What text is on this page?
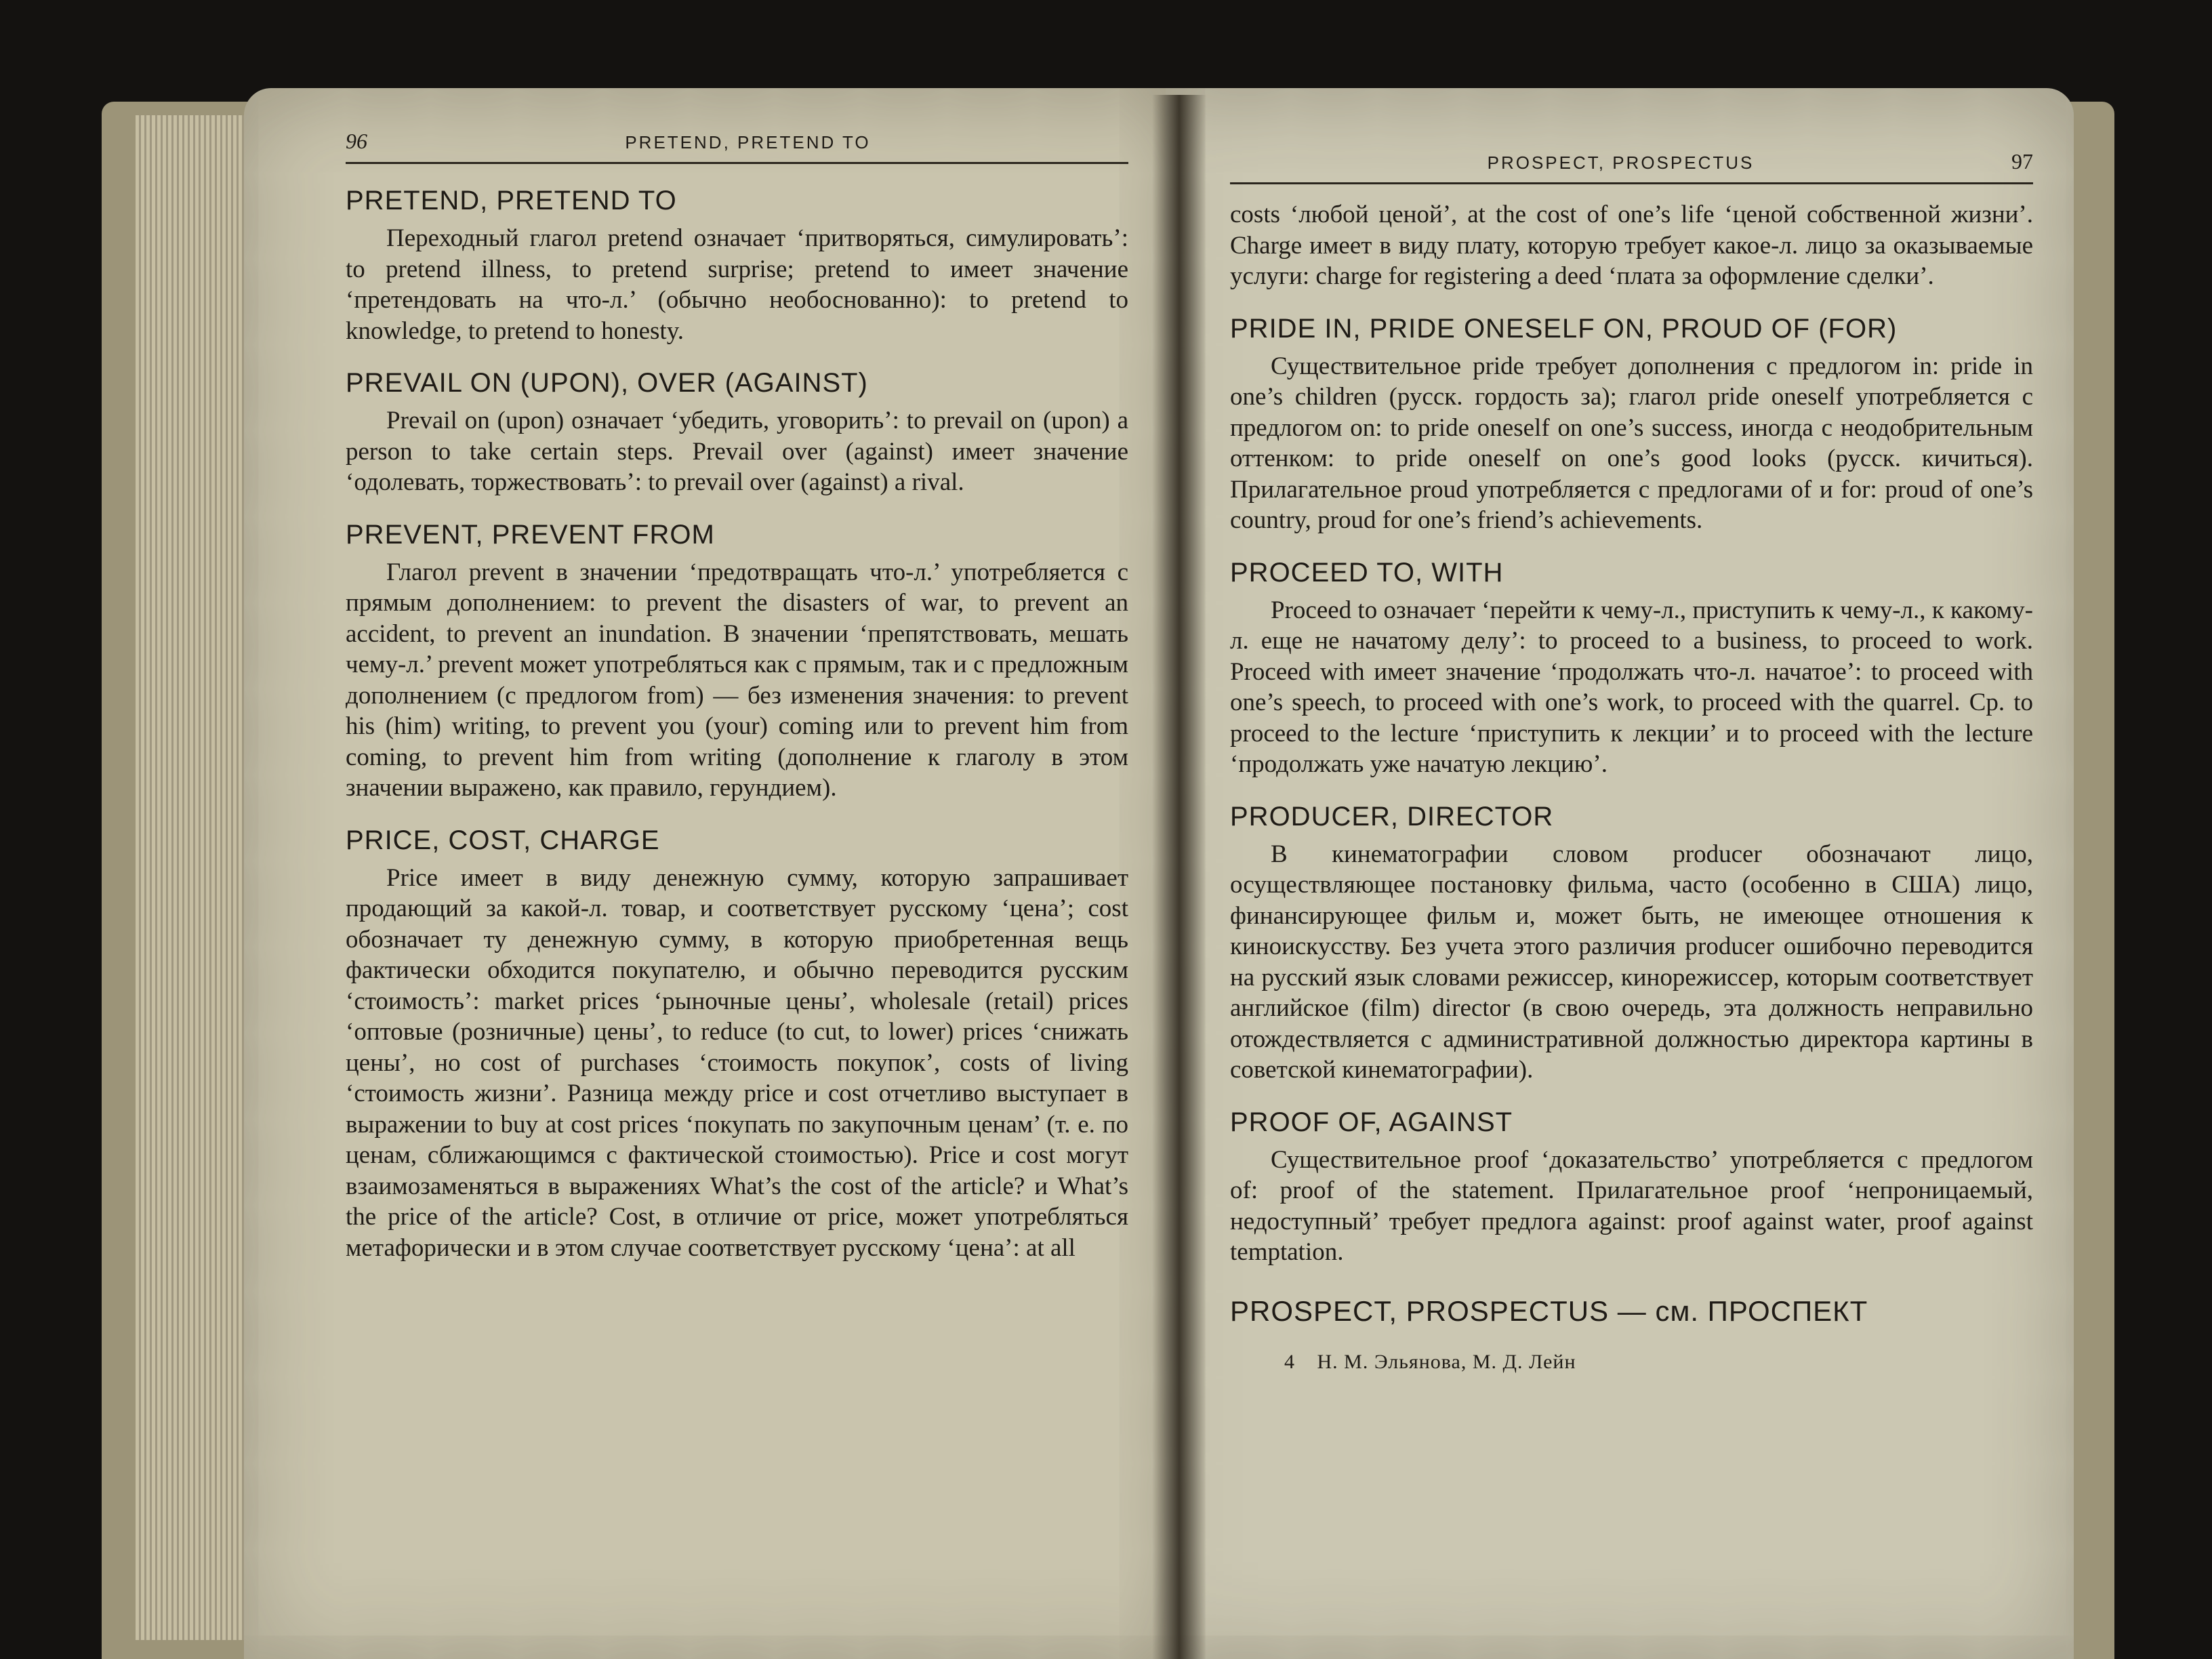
96	PRETEND, PRETEND TO
PRETEND, PRETEND TO

Переходный глагол pretend означает ‘притворяться, симулировать’: to pretend illness, to pretend surprise; pretend to имеет значение ‘претендовать на что-л.’ (обычно необоснованно): to pretend to knowledge, to pretend to honesty.

PREVAIL ON (UPON), OVER (AGAINST)

Prevail on (upon) означает ‘убедить, уговорить’: to prevail on (upon) a person to take certain steps. Prevail over (against) имеет значение ‘одолевать, торжествовать’: to prevail over (against) a rival.

PREVENT, PREVENT FROM

Глагол prevent в значении ‘предотвращать что-л.’ употребляется с прямым дополнением: to prevent the disasters of war, to prevent an accident, to prevent an inundation. В значении ‘препятствовать, мешать чему-л.’ prevent может употребляться как с прямым, так и с предложным дополнением (с предлогом from) — без изменения значения: to prevent his (him) writing, to prevent you (your) coming или to prevent him from coming, to prevent him from writing (дополнение к глаголу в этом значении выражено, как правило, герундием).

PRICE, COST, CHARGE

Price имеет в виду денежную сумму, которую запрашивает продающий за какой-л. товар, и соответствует русскому ‘цена’; cost обозначает ту денежную сумму, в которую приобретенная вещь фактически обходится покупателю, и обычно переводится русским ‘стоимость’: market prices ‘рыночные цены’, wholesale (retail) prices ‘оптовые (розничные) цены’, to reduce (to cut, to lower) prices ‘снижать цены’, но cost of purchases ‘стоимость покупок’, costs of living ‘стоимость жизни’. Разница между price и cost отчетливо выступает в выражении to buy at cost prices ‘покупать по закупочным ценам’ (т. е. по ценам, сближающимся с фактической стоимостью). Price и cost могут взаимозаменяться в выражениях What’s the cost of the article? и What’s the price of the article? Cost, в отличие от price, может употребляться метафорически и в этом случае соответствует русскому ‘цена’: at all

PROSPECT, PROSPECTUS	97

costs ‘любой ценой’, at the cost of one’s life ‘ценой собственной жизни’. Charge имеет в виду плату, которую требует какое-л. лицо за оказываемые услуги: charge for registering a deed ‘плата за оформление сделки’.

PRIDE IN, PRIDE ONESELF ON, PROUD OF (FOR)

Существительное pride требует дополнения с предлогом in: pride in one’s children (русск. гордость за); глагол pride oneself употребляется с предлогом on: to pride oneself on one’s success, иногда с неодобрительным оттенком: to pride oneself on one’s good looks (русск. кичиться). Прилагательное proud употребляется с предлогами of и for: proud of one’s country, proud for one’s friend’s achievements.

PROCEED TO, WITH

Proceed to означает ‘перейти к чему-л., приступить к чему-л., к какому-л. еще не начатому делу’: to proceed to a business, to proceed to work. Proceed with имеет значение ‘продолжать что-л. начатое’: to proceed with one’s speech, to proceed with one’s work, to proceed with the quarrel. Ср. to proceed to the lecture ‘приступить к лекции’ и to proceed with the lecture ‘продолжать уже начатую лекцию’.

PRODUCER, DIRECTOR

В кинематографии словом producer обозначают лицо, осуществляющее постановку фильма, часто (особенно в США) лицо, финансирующее фильм и, может быть, не имеющее отношения к киноискусству. Без учета этого различия producer ошибочно переводится на русский язык словами режиссер, кинорежиссер, которым соответствует английское (film) director (в свою очередь, эта должность неправильно отождествляется с административной должностью директора картины в советской кинематографии).

PROOF OF, AGAINST

Существительное proof ‘доказательство’ употребляется с предлогом of: proof of the statement. Прилагательное proof ‘непроницаемый, недоступный’ требует предлога against: proof against water, proof against temptation.

PROSPECT, PROSPECTUS — см. ПРОСПЕКТ
4 Н. М. Эльянова, М. Д. Лейн
